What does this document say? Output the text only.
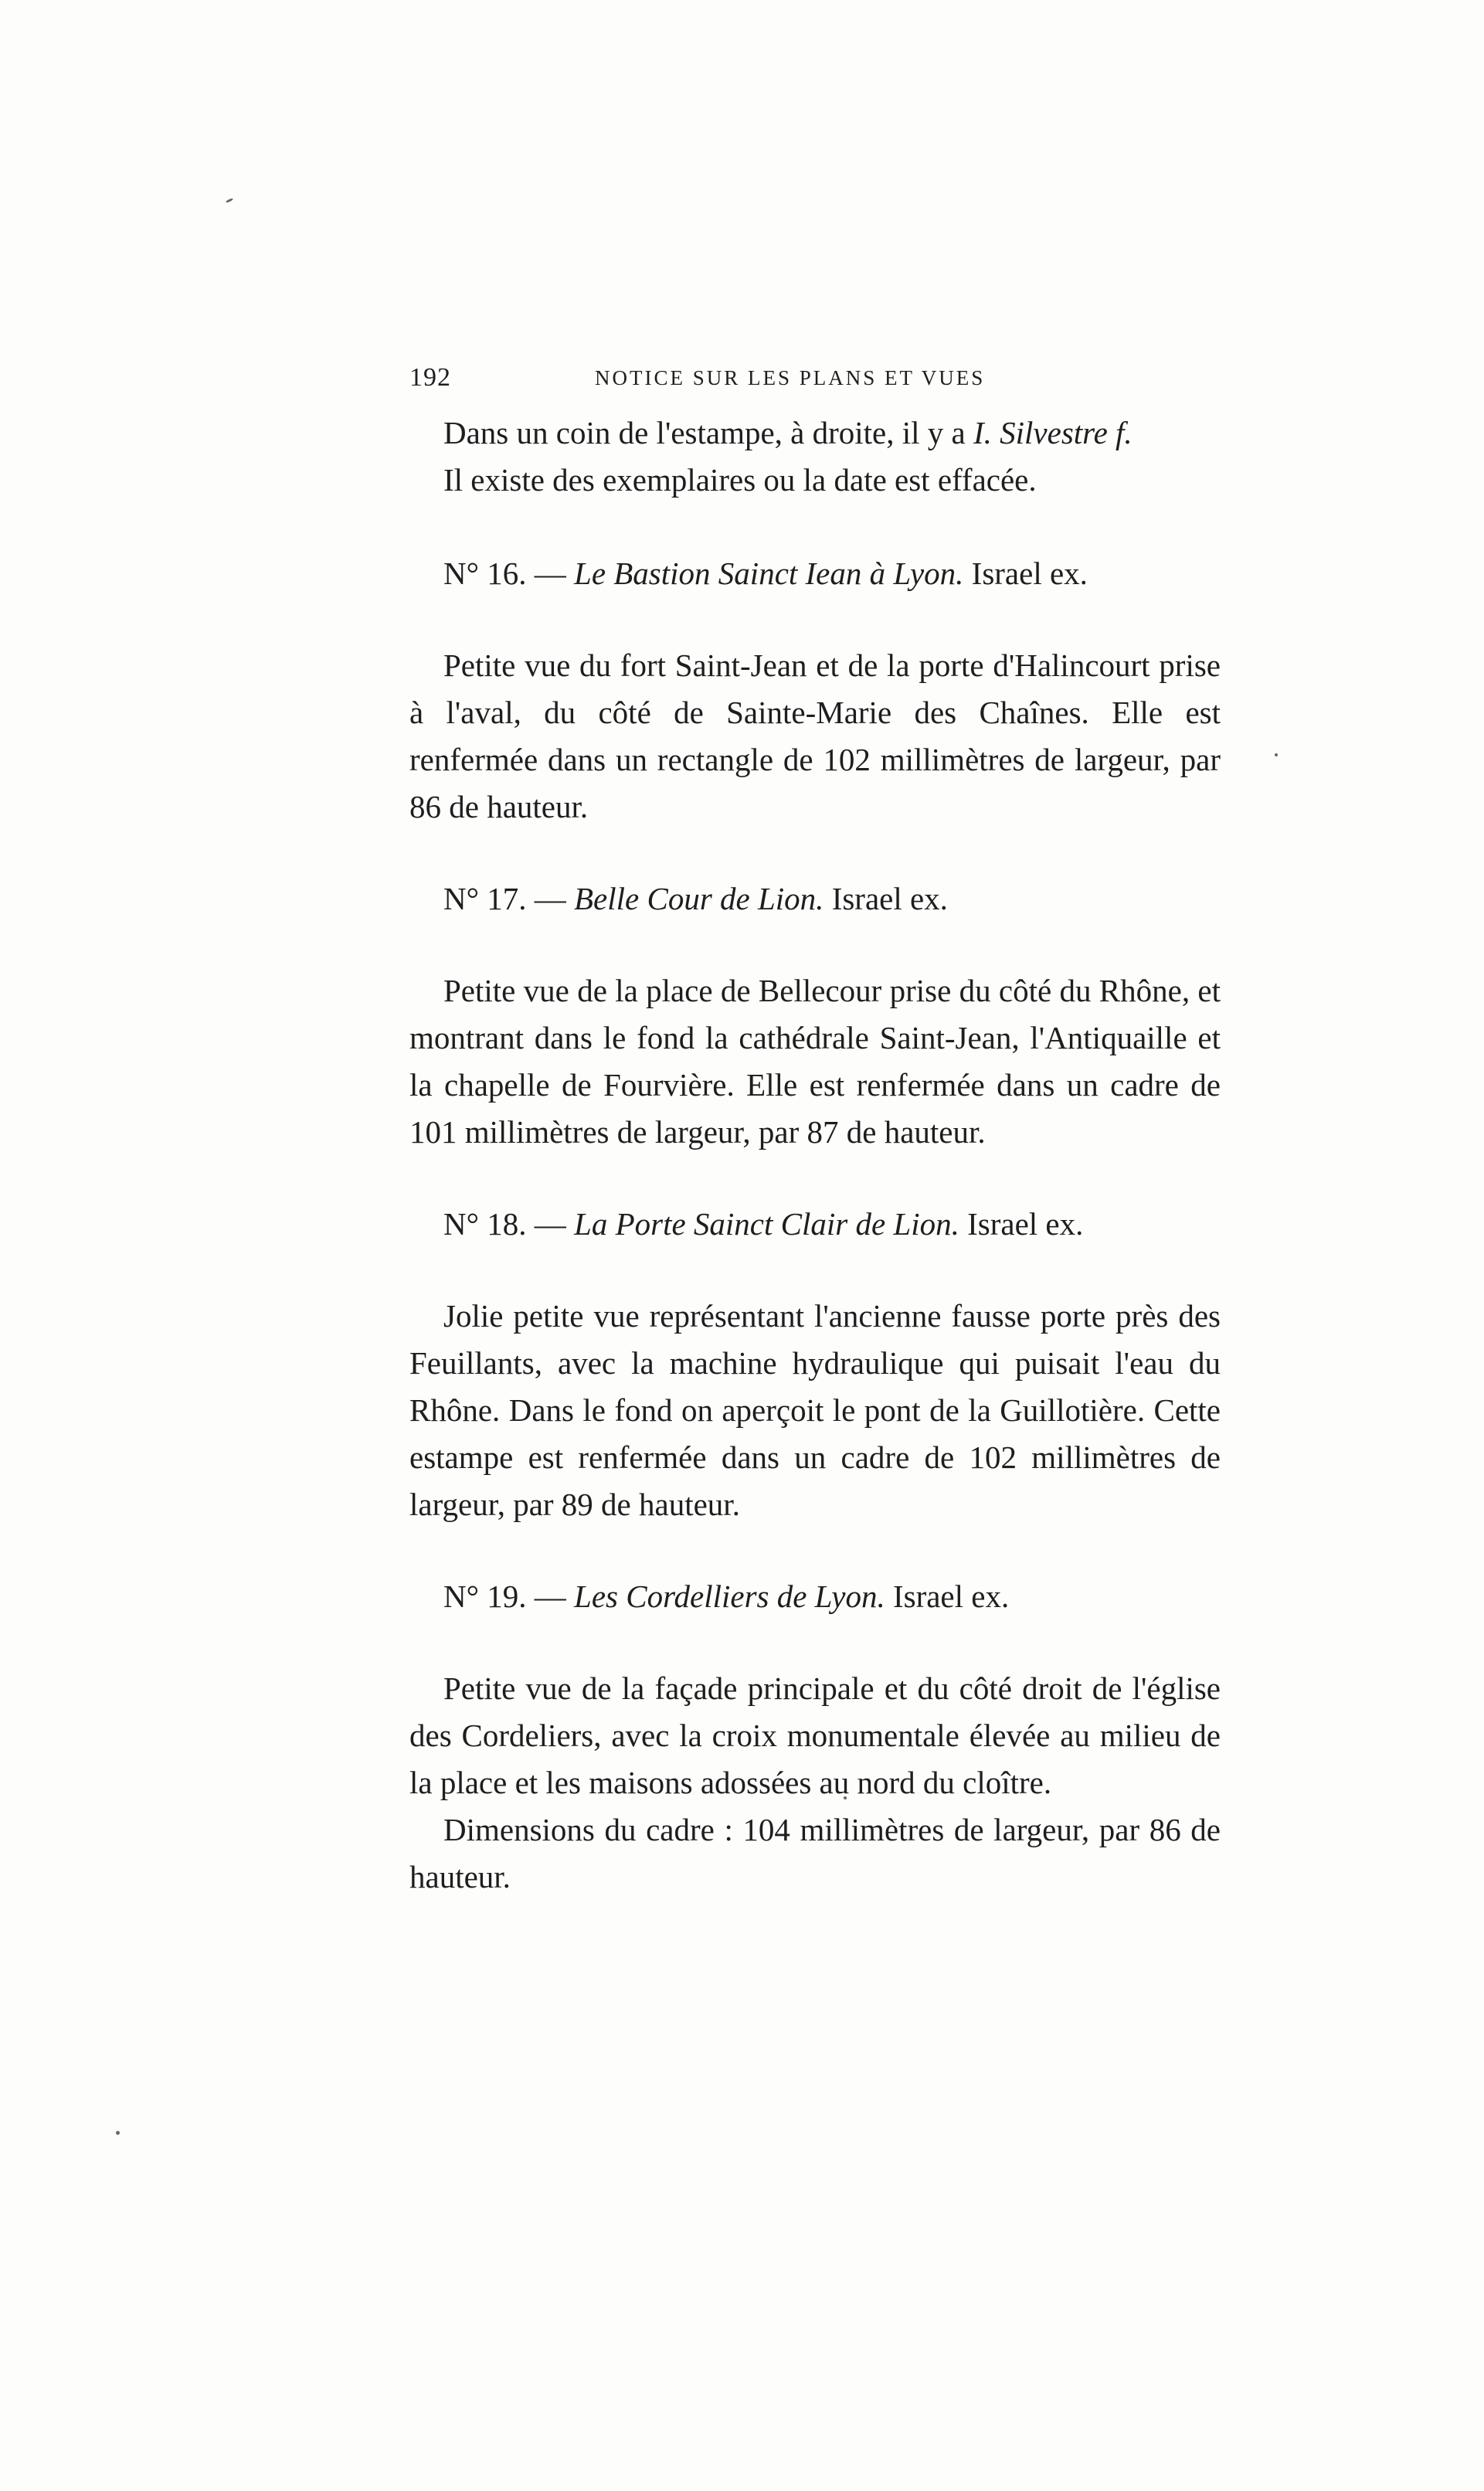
192	NOTICE SUR LES PLANS ET VUES

Dans un coin de l'estampe, à droite, il y a I. Silvestre f.

Il existe des exemplaires ou la date est effacée.

N° 16. — Le Bastion Sainct Iean à Lyon. Israel ex.

Petite vue du fort Saint-Jean et de la porte d'Halincourt prise à l'aval, du côté de Sainte-Marie des Chaînes. Elle est renfermée dans un rectangle de 102 millimètres de largeur, par 86 de hauteur.

N° 17. — Belle Cour de Lion. Israel ex.

Petite vue de la place de Bellecour prise du côté du Rhône, et montrant dans le fond la cathédrale Saint-Jean, l'Antiquaille et la chapelle de Fourvière. Elle est renfermée dans un cadre de 101 millimètres de largeur, par 87 de hauteur.

N° 18. — La Porte Sainct Clair de Lion. Israel ex.

Jolie petite vue représentant l'ancienne fausse porte près des Feuillants, avec la machine hydraulique qui puisait l'eau du Rhône. Dans le fond on aperçoit le pont de la Guillotière. Cette estampe est renfermée dans un cadre de 102 millimètres de largeur, par 89 de hauteur.

N° 19. — Les Cordelliers de Lyon. Israel ex.

Petite vue de la façade principale et du côté droit de l'église des Cordeliers, avec la croix monumentale élevée au milieu de la place et les maisons adossées au nord du cloître.

Dimensions du cadre : 104 millimètres de largeur, par 86 de hauteur.
